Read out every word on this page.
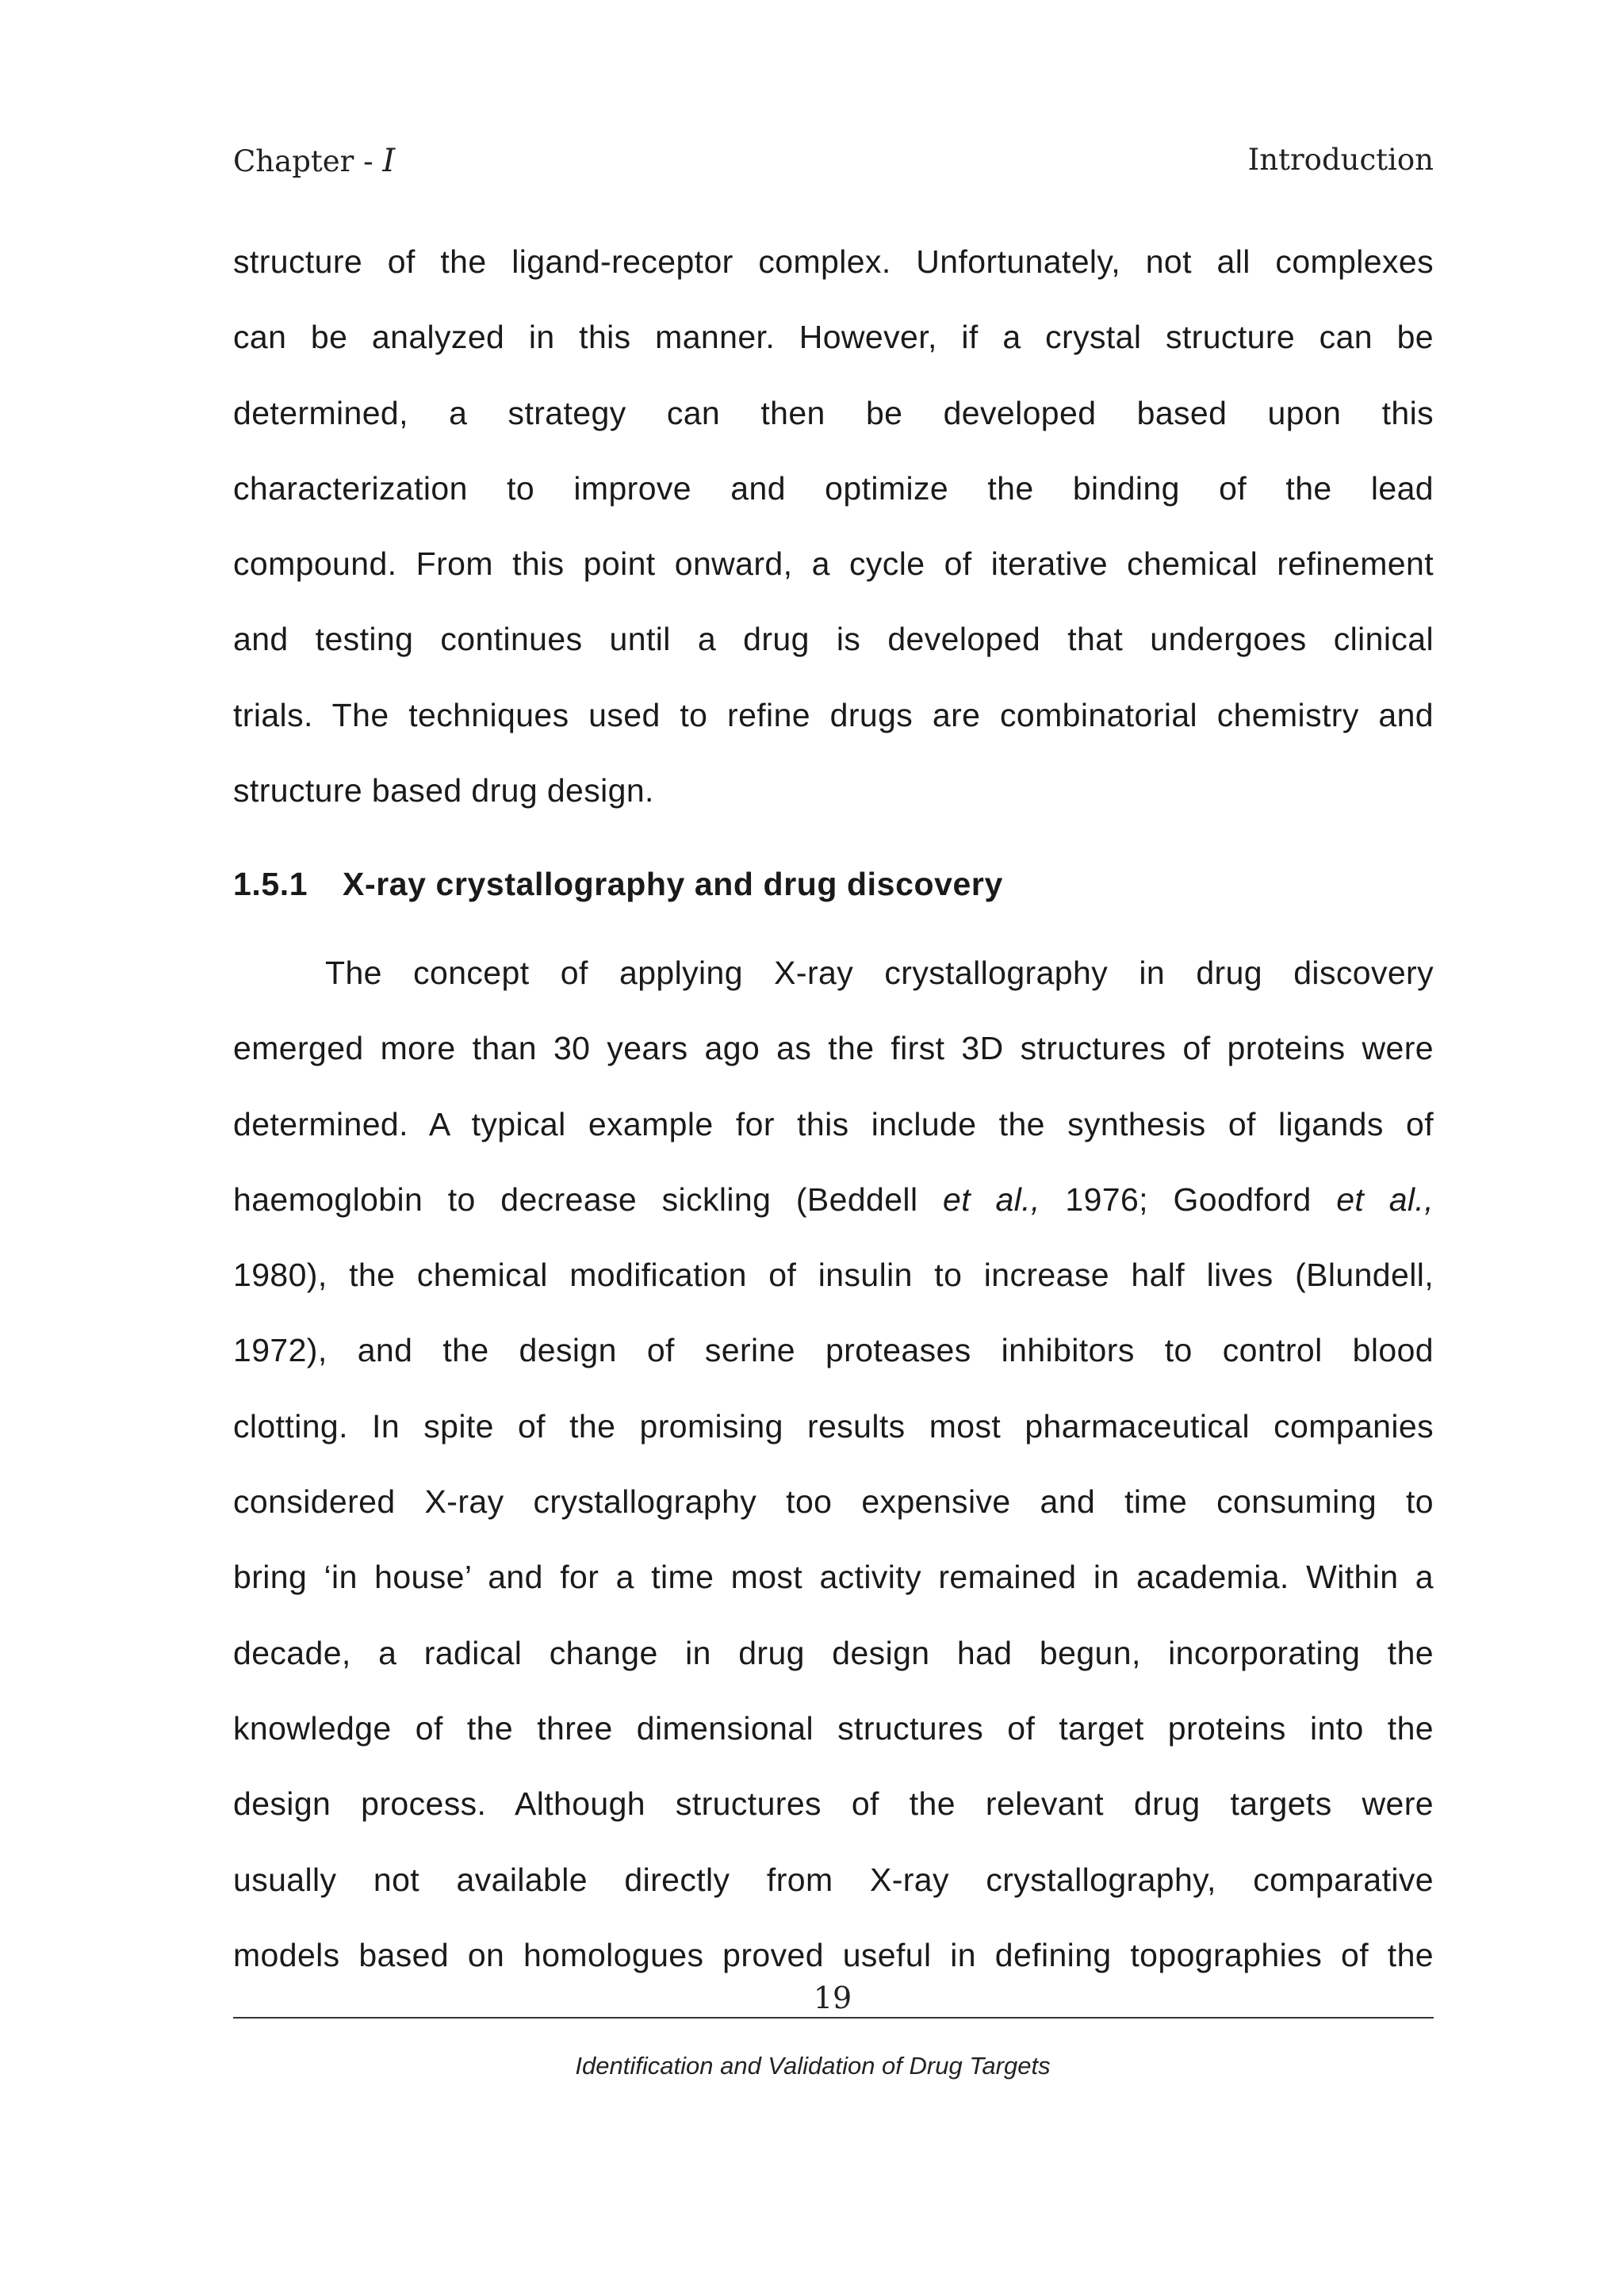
Chapter - I	Introduction
structure of the ligand-receptor complex. Unfortunately, not all complexes
can be analyzed in this manner. However, if a crystal structure can be
determined, a strategy can then be developed based upon this
characterization to improve and optimize the binding of the lead
compound. From this point onward, a cycle of iterative chemical refinement
and testing continues until a drug is developed that undergoes clinical
trials. The techniques used to refine drugs are combinatorial chemistry and
structure based drug design.
1.5.1 X-ray crystallography and drug discovery
The concept of applying X-ray crystallography in drug discovery
emerged more than 30 years ago as the first 3D structures of proteins were
determined. A typical example for this include the synthesis of ligands of
haemoglobin to decrease sickling (Beddell et al., 1976; Goodford et al.,
1980), the chemical modification of insulin to increase half lives (Blundell,
1972), and the design of serine proteases inhibitors to control blood
clotting. In spite of the promising results most pharmaceutical companies
considered X-ray crystallography too expensive and time consuming to
bring ‘in house’ and for a time most activity remained in academia. Within a
decade, a radical change in drug design had begun, incorporating the
knowledge of the three dimensional structures of target proteins into the
design process. Although structures of the relevant drug targets were
usually not available directly from X-ray crystallography, comparative
models based on homologues proved useful in defining topographies of the
19
Identification and Validation of Drug Targets
